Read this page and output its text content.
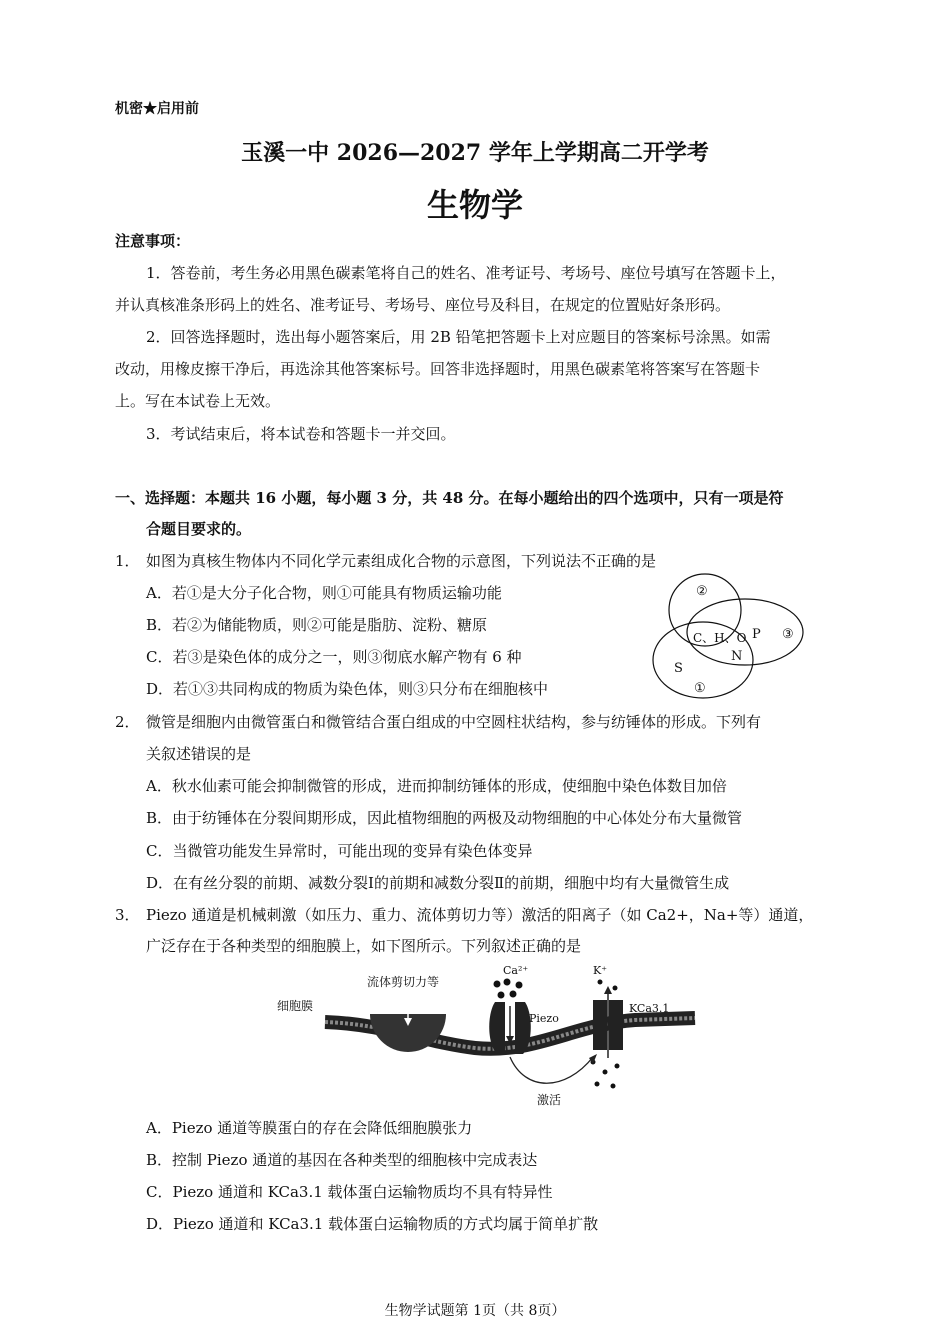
机密★启用前
玉溪一中 2026—2027 学年上学期高二开学考
生物学
注意事项：
1．答卷前，考生务必用黑色碳素笔将自己的姓名、准考证号、考场号、座位号填写在答题卡上，
并认真核准条形码上的姓名、准考证号、考场号、座位号及科目，在规定的位置贴好条形码。
2．回答选择题时，选出每小题答案后，用 2B 铅笔把答题卡上对应题目的答案标号涂黑。如需
改动，用橡皮擦干净后，再选涂其他答案标号。回答非选择题时，用黑色碳素笔将答案写在答题卡
上。写在本试卷上无效。
3．考试结束后，将本试卷和答题卡一并交回。
一、选择题：本题共 16 小题，每小题 3 分，共 48 分。在每小题给出的四个选项中，只有一项是符
合题目要求的。
1． 如图为真核生物体内不同化学元素组成化合物的示意图，下列说法不正确的是
A．若①是大分子化合物，则①可能具有物质运输功能
B．若②为储能物质，则②可能是脂肪、淀粉、糖原
C．若③是染色体的成分之一，则③彻底水解产物有 6 种
D．若①③共同构成的物质为染色体，则③只分布在细胞核中
②
C、H、O P ③
N
S
①
2． 微管是细胞内由微管蛋白和微管结合蛋白组成的中空圆柱状结构，参与纺锤体的形成。下列有
关叙述错误的是
A．秋水仙素可能会抑制微管的形成，进而抑制纺锤体的形成，使细胞中染色体数目加倍
B．由于纺锤体在分裂间期形成，因此植物细胞的两极及动物细胞的中心体处分布大量微管
C．当微管功能发生异常时，可能出现的变异有染色体变异
D．在有丝分裂的前期、减数分裂Ⅰ的前期和减数分裂Ⅱ的前期，细胞中均有大量微管生成
3． Piezo 通道是机械刺激（如压力、重力、流体剪切力等）激活的阳离子（如 Ca2+，Na+等）通道，
广泛存在于各种类型的细胞膜上，如下图所示。下列叙述正确的是
细胞膜
流体剪切力等
Ca²⁺
Piezo
K⁺
KCa3.1
激活
A．Piezo 通道等膜蛋白的存在会降低细胞膜张力
B．控制 Piezo 通道的基因在各种类型的细胞核中完成表达
C．Piezo 通道和 KCa3.1 载体蛋白运输物质均不具有特异性
D．Piezo 通道和 KCa3.1 载体蛋白运输物质的方式均属于简单扩散
生物学试题第 1页（共 8页）
